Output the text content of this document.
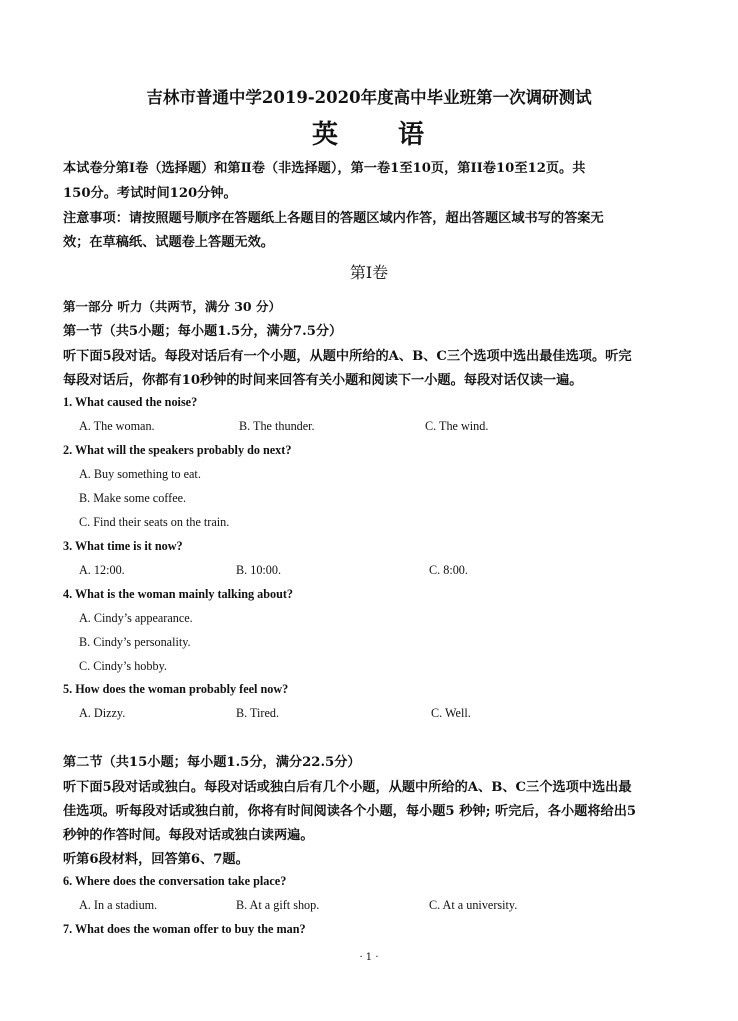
吉林市普通中学2019-2020年度高中毕业班第一次调研测试
英 语
本试卷分第Ⅰ卷（选择题）和第Ⅱ卷（非选择题），第一卷1至10页，第II卷10至12页。共
150分。考试时间120分钟。
注意事项：请按照题号顺序在答题纸上各题目的答题区域内作答，超出答题区域书写的答案无
效；在草稿纸、试题卷上答题无效。
第Ⅰ卷
第一部分 听力（共两节，满分 30 分）
第一节（共5小题；每小题1.5分，满分7.5分）
听下面5段对话。每段对话后有一个小题，从题中所给的A、B、C三个选项中选出最佳选项。听完
每段对话后，你都有10秒钟的时间来回答有关小题和阅读下一小题。每段对话仅读一遍。
1. What caused the noise?
A. The woman.	B. The thunder.	C. The wind.
2. What will the speakers probably do next?
A. Buy something to eat.
B. Make some coffee.
C. Find their seats on the train.
3. What time is it now?
A. 12:00.	B. 10:00.	C. 8:00.
4. What is the woman mainly talking about?
A. Cindy’s appearance.
B. Cindy’s personality.
C. Cindy’s hobby.
5. How does the woman probably feel now?
A. Dizzy.	B. Tired.	C. Well.
第二节（共15小题；每小题1.5分，满分22.5分）
听下面5段对话或独白。每段对话或独白后有几个小题，从题中所给的A、B、C三个选项中选出最
佳选项。听每段对话或独白前，你将有时间阅读各个小题，每小题5 秒钟; 听完后，各小题将给出5
秒钟的作答时间。每段对话或独白读两遍。
听第6段材料，回答第6、7题。
6. Where does the conversation take place?
A. In a stadium.	B. At a gift shop.	C. At a university.
7. What does the woman offer to buy the man?
· 1 ·
